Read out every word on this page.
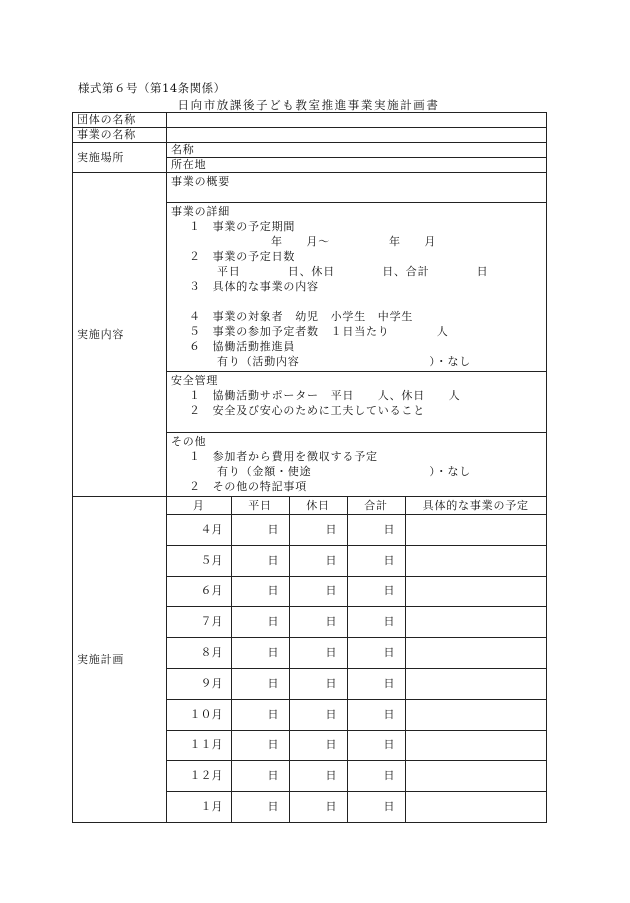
様式第６号（第14条関係）
日向市放課後子ども教室推進事業実施計画書
団体の名称	
事業の名称	
実施場所	名称
所在地
実施内容	
事業の概要

事業の詳細
１　事業の予定期間
年　　月～　　　　　年　　月
２　事業の予定日数
平日　　　　日、休日　　　　日、合計　　　　日
３　具体的な事業の内容
４　事業の対象者　幼児　小学生　中学生
５　事業の参加予定者数　１日当たり　　　　人
６　協働活動推進員
有り（活動内容　　　　　　　　　　　）・なし

安全管理
１　協働活動サポーター　平日　　人、休日　　人
２　安全及び安心のために工夫していること

その他
１　参加者から費用を徴収する予定
有り（金額・使途　　　　　　　　　　）・なし
２　その他の特記事項

実施計画	
月	平日	休日	合計	具体的な事業の予定
４月	日	日	日	
５月	日	日	日	
６月	日	日	日	
７月	日	日	日	
８月	日	日	日	
９月	日	日	日	
１０月	日	日	日	
１１月	日	日	日	
１２月	日	日	日	
１月	日	日	日	
